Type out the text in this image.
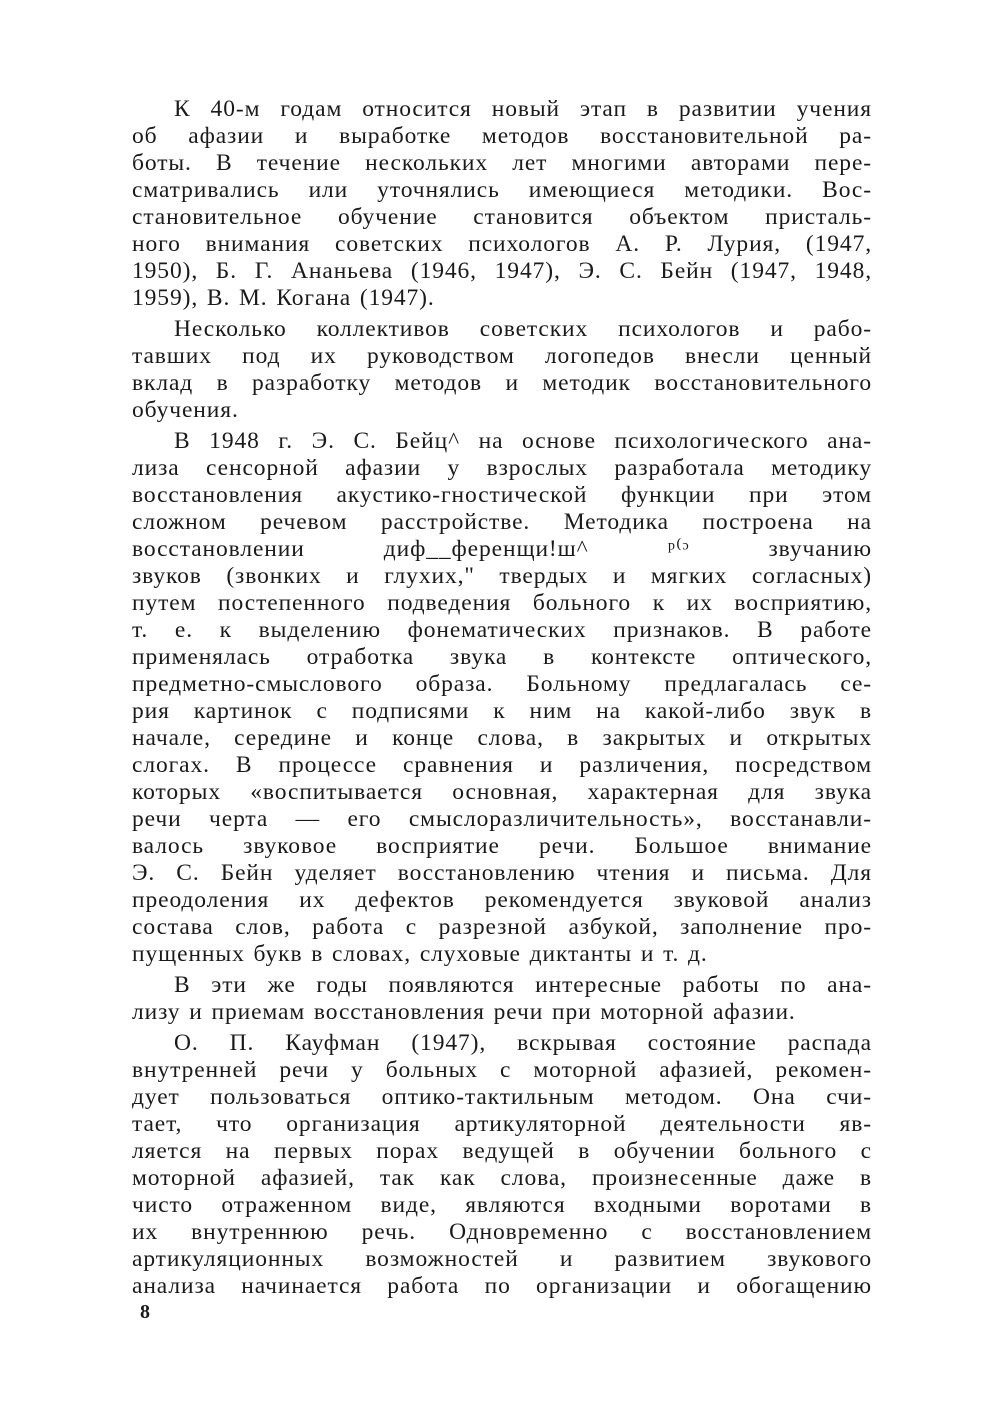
К 40-м годам относится новый этап в развитии учения
об афазии и выработке методов восстановительной ра-
боты. В течение нескольких лет многими авторами пере-
сматривались или уточнялись имеющиеся методики. Вос-
становительное обучение становится объектом присталь-
ного внимания советских психологов А. Р. Лурия, (1947,
1950), Б. Г. Ананьева (1946, 1947), Э. С. Бейн (1947, 1948,
1959), В. М. Когана (1947).
Несколько коллективов советских психологов и рабо-
тавших под их руководством логопедов внесли ценный
вклад в разработку методов и методик восстановительного
обучения.
В 1948 г. Э. С. Бейц^ на основе психологического ана-
лиза сенсорной афазии у взрослых разработала методику
восстановления акустико-гностической функции при этом
сложном речевом расстройстве. Методика построена на
восстановлении диф__ференщи!ш^ ᵖ⁽ᵓ звучанию
звуков (звонких и глухих," твердых и мягких согласных)
путем постепенного подведения больного к их восприятию,
т. е. к выделению фонематических признаков. В работе
применялась отработка звука в контексте оптического,
предметно-смыслового образа. Больному предлагалась се-
рия картинок с подписями к ним на какой-либо звук в
начале, середине и конце слова, в закрытых и открытых
слогах. В процессе сравнения и различения, посредством
которых «воспитывается основная, характерная для звука
речи черта — его смыслоразличительность», восстанавли-
валось звуковое восприятие речи. Большое внимание
Э. С. Бейн уделяет восстановлению чтения и письма. Для
преодоления их дефектов рекомендуется звуковой анализ
состава слов, работа с разрезной азбукой, заполнение про-
пущенных букв в словах, слуховые диктанты и т. д.
В эти же годы появляются интересные работы по ана-
лизу и приемам восстановления речи при моторной афазии.
О. П. Кауфман (1947), вскрывая состояние распада
внутренней речи у больных с моторной афазией, рекомен-
дует пользоваться оптико-тактильным методом. Она счи-
тает, что организация артикуляторной деятельности яв-
ляется на первых порах ведущей в обучении больного с
моторной афазией, так как слова, произнесенные даже в
чисто отраженном виде, являются входными воротами в
их внутреннюю речь. Одновременно с восстановлением
артикуляционных возможностей и развитием звукового
анализа начинается работа по организации и обогащению
8
